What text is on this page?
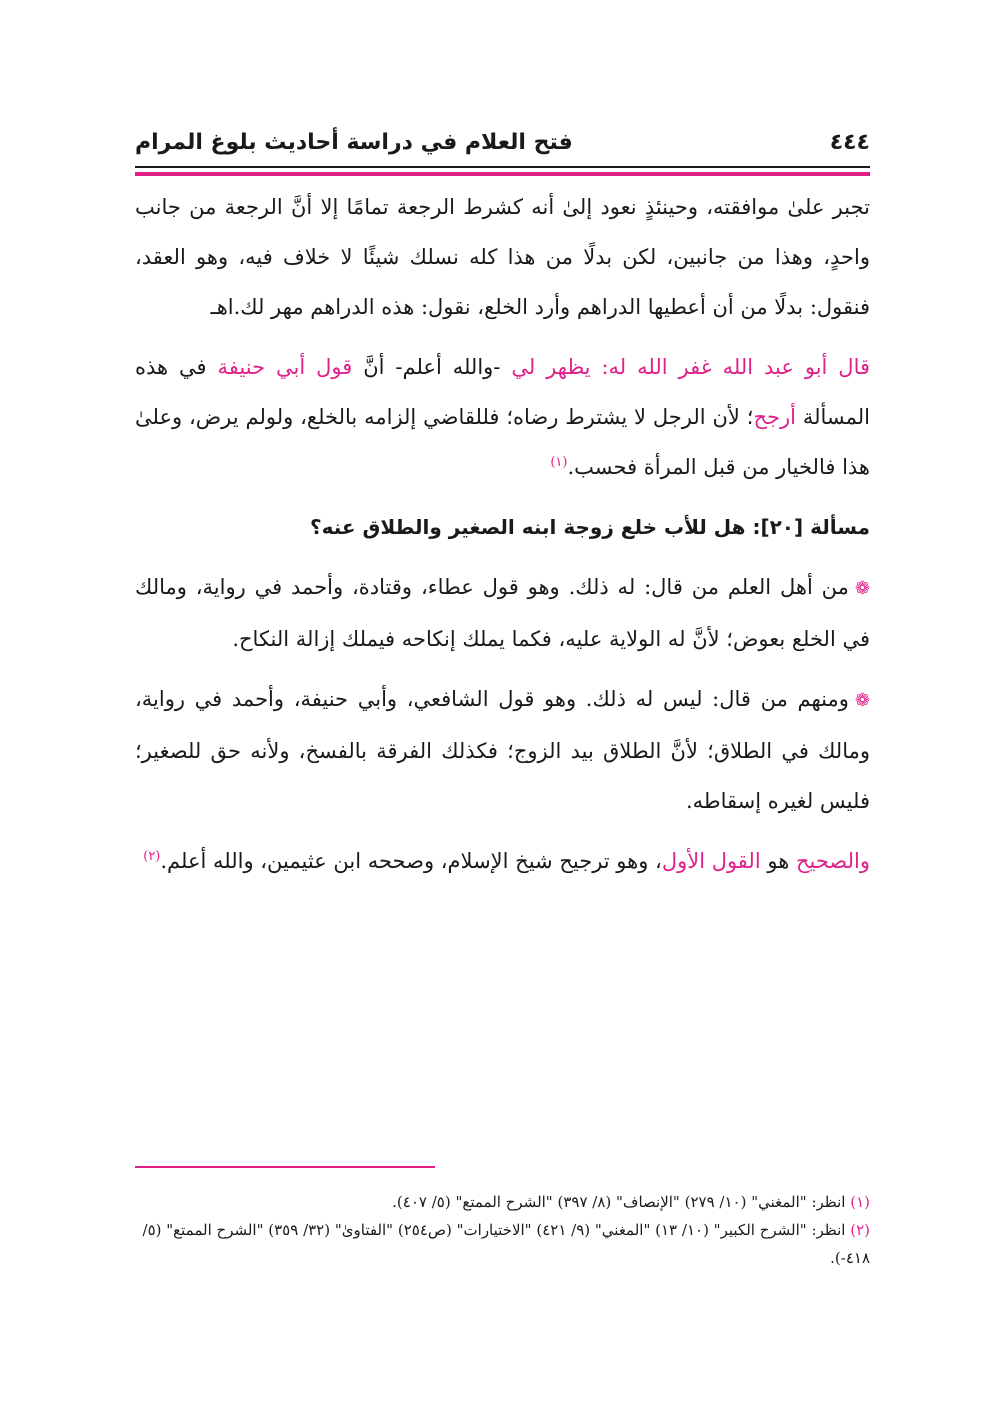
٤٤٤
فتح العلام في دراسة أحاديث بلوغ المرام

تجبر علىٰ موافقته، وحينئذٍ نعود إلىٰ أنه كشرط الرجعة تمامًا إلا أنَّ الرجعة من جانب واحدٍ، وهذا من جانبين، لكن بدلًا من هذا كله نسلك شيئًا لا خلاف فيه، وهو العقد، فنقول: بدلًا من أن أعطيها الدراهم وأرد الخلع، نقول: هذه الدراهم مهر لك.اهـ

قال أبو عبد الله غفر الله له: يظهر لي -والله أعلم- أنَّ قول أبي حنيفة في هذه المسألة أرجح؛ لأن الرجل لا يشترط رضاه؛ فللقاضي إلزامه بالخلع، ولولم يرض، وعلىٰ هذا فالخيار من قبل المرأة فحسب.$^{(١)}$

مسألة [٢٠]: هل للأب خلع زوجة ابنه الصغير والطلاق عنه؟

❁من أهل العلم من قال: له ذلك. وهو قول عطاء، وقتادة، وأحمد في رواية، ومالك في الخلع بعوض؛ لأنَّ له الولاية عليه، فكما يملك إنكاحه فيملك إزالة النكاح.

❁ومنهم من قال: ليس له ذلك. وهو قول الشافعي، وأبي حنيفة، وأحمد في رواية، ومالك في الطلاق؛ لأنَّ الطلاق بيد الزوج؛ فكذلك الفرقة بالفسخ، ولأنه حق للصغير؛ فليس لغيره إسقاطه.

والصحيح هو القول الأول، وهو ترجيح شيخ الإسلام، وصححه ابن عثيمين، والله أعلم.$^{(٢)}$

(١) انظر: "المغني" (١٠/ ٢٧٩) "الإنصاف" (٨/ ٣٩٧) "الشرح الممتع" (٥/ ٤٠٧).

(٢) انظر: "الشرح الكبير" (١٠/ ١٣) "المغني" (٩/ ٤٢١) "الاختيارات" (ص٢٥٤) "الفتاوىٰ" (٣٢/ ٣٥٩) "الشرح الممتع" (٥/ ٤١٨-).
